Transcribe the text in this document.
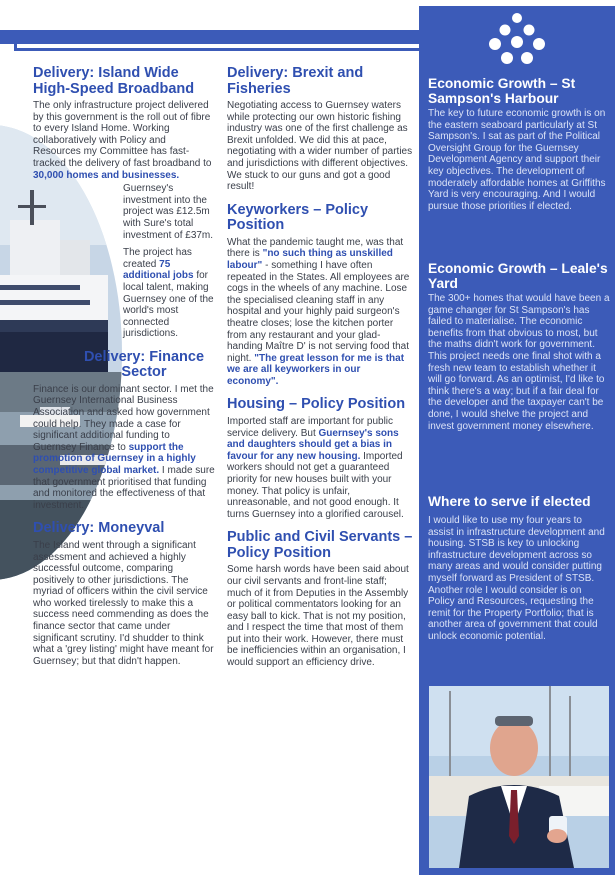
Delivery: Island Wide High-Speed Broadband

The only infrastructure project delivered by this government is the roll out of fibre to every Island Home. Working collaboratively with Policy and Resources my Committee has fast-tracked the delivery of fast broadband to 30,000 homes and businesses.

Guernsey's investment into the project was £12.5m with Sure's total investment of £37m.

The project has created 75 additional jobs for local talent, making Guernsey one of the world's most connected jurisdictions.

Delivery: Finance Sector

Finance is our dominant sector. I met the Guernsey International Business Association and asked how government could help. They made a case for significant additional funding to Guernsey Finance to support the promotion of Guernsey in a highly competitive global market. I made sure that government prioritised that funding and monitored the effectiveness of that investment.

Delivery: Moneyval

The Island went through a significant assessment and achieved a highly successful outcome, comparing positively to other jurisdictions. The myriad of officers within the civil service who worked tirelessly to make this a success need commending as does the finance sector that came under significant scrutiny. I'd shudder to think what a 'grey listing' might have meant for Guernsey; but that didn't happen.

Delivery: Brexit and Fisheries

Negotiating access to Guernsey waters while protecting our own historic fishing industry was one of the first challenge as Brexit unfolded. We did this at pace, negotiating with a wider number of parties and jurisdictions with different objectives. We stuck to our guns and got a good result!

Keyworkers – Policy Position

What the pandemic taught me, was that there is "no such thing as unskilled labour" - something I have often repeated in the States. All employees are cogs in the wheels of any machine. Lose the specialised cleaning staff in any hospital and your highly paid surgeon's theatre closes; lose the kitchen porter from any restaurant and your glad-handing Maître D' is not serving food that night. "The great lesson for me is that we are all keyworkers in our economy".

Housing – Policy Position

Imported staff are important for public service delivery. But Guernsey's sons and daughters should get a bias in favour for any new housing. Imported workers should not get a guaranteed priority for new houses built with your money. That policy is unfair, unreasonable, and not good enough. It turns Guernsey into a glorified carousel.

Public and Civil Servants – Policy Position

Some harsh words have been said about our civil servants and front-line staff; much of it from Deputies in the Assembly or political commentators looking for an easy ball to kick. That is not my position, and I respect the time that most of them put into their work. However, there must be inefficiencies within an organisation, I would support an efficiency drive.

Economic Growth – St Sampson's Harbour

The key to future economic growth is on the eastern seaboard particularly at St Sampson's. I sat as part of the Political Oversight Group for the Guernsey Development Agency and support their key objectives. The development of moderately affordable homes at Griffiths Yard is very encouraging. And I would pursue those priorities if elected.

Economic Growth – Leale's Yard

The 300+ homes that would have been a game changer for St Sampson's has failed to materialise. The economic benefits from that obvious to most, but the maths didn't work for government. This project needs one final shot with a fresh new team to establish whether it will go forward. As an optimist, I'd like to think there's a way; but if a fair deal for the developer and the taxpayer can't be done, I would shelve the project and invest government money elsewhere.

Where to serve if elected

I would like to use my four years to assist in infrastructure development and housing. STSB is key to unlocking infrastructure development across so many areas and would consider putting myself forward as President of STSB. Another role I would consider is on Policy and Resources, requesting the remit for the Property Portfolio; that is another area of government that could unlock economic potential.
